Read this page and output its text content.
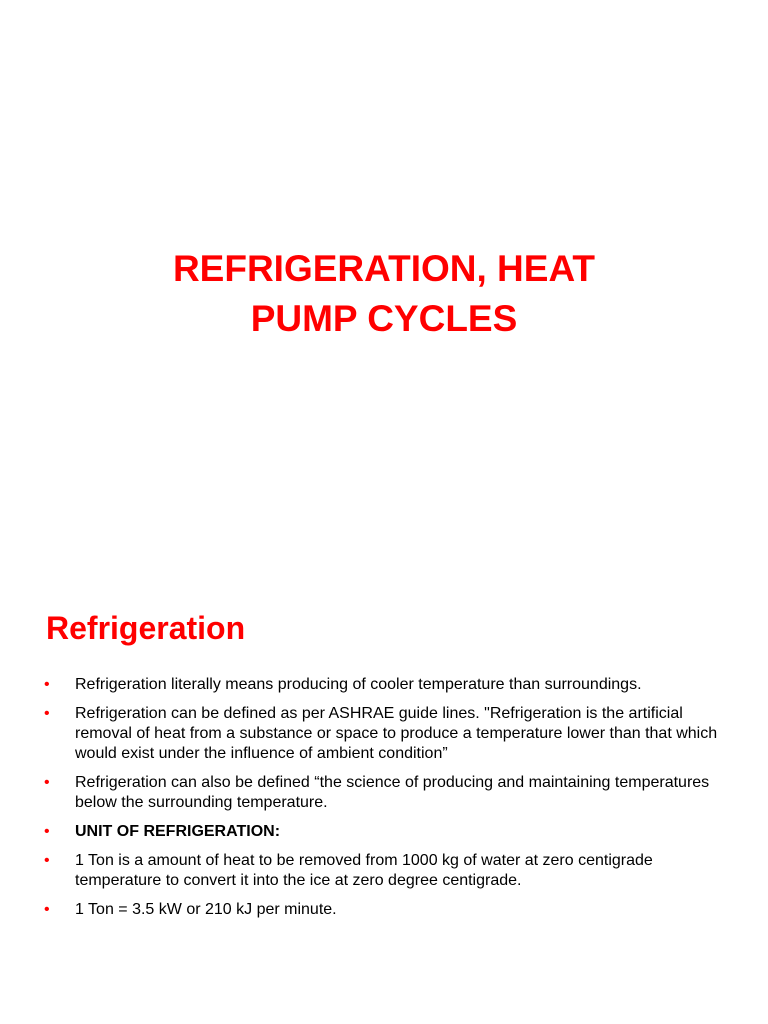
REFRIGERATION, HEAT
PUMP CYCLES
Refrigeration
• Refrigeration literally means producing of cooler temperature than surroundings.
• Refrigeration can be defined as per ASHRAE guide lines. "Refrigeration is the artificial removal of heat from a substance or space to produce a temperature lower than that which would exist under the influence of ambient condition”
• Refrigeration can also be defined “the science of producing and maintaining temperatures below the surrounding temperature.
• UNIT OF REFRIGERATION:
• 1 Ton is a amount of heat to be removed from 1000 kg of water at zero centigrade temperature to convert it into the ice at zero degree centigrade.
• 1 Ton = 3.5 kW or 210 kJ per minute.
